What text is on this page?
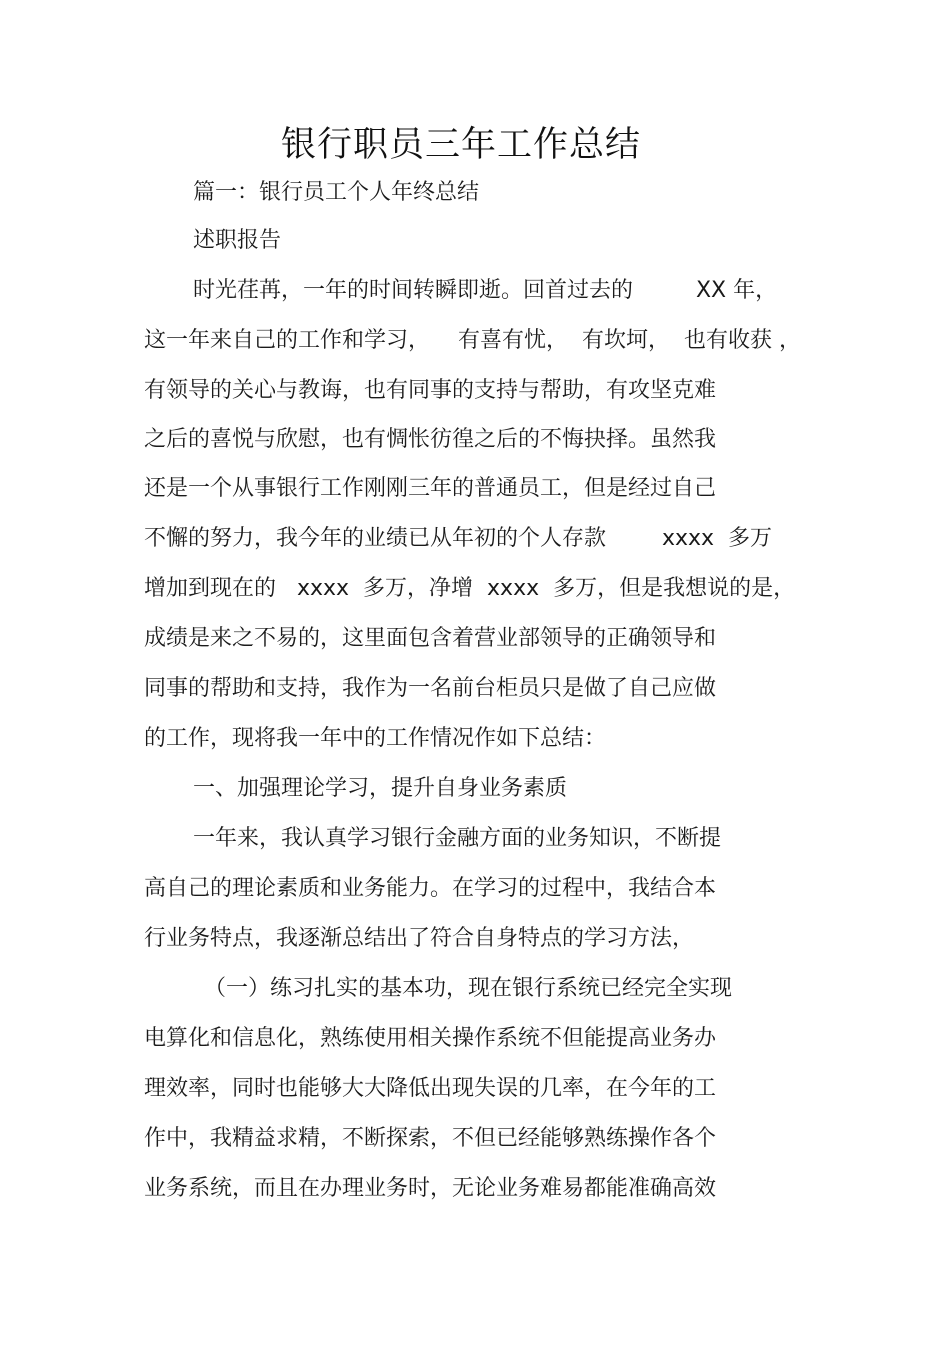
银行职员三年工作总结
篇一：银行员工个人年终总结
述职报告
时光荏苒，一年的时间转瞬即逝。回首过去的         XX 年，
这一年来自己的工作和学习，    有喜有忧，  有坎坷，  也有收获 ，
有领导的关心与教诲，也有同事的支持与帮助，有攻坚克难
之后的喜悦与欣慰，也有惆怅彷徨之后的不悔抉择。虽然我
还是一个从事银行工作刚刚三年的普通员工，但是经过自己
不懈的努力，我今年的业绩已从年初的个人存款        xxxx  多万
增加到现在的   xxxx  多万，净增  xxxx  多万，但是我想说的是，
成绩是来之不易的，这里面包含着营业部领导的正确领导和
同事的帮助和支持，我作为一名前台柜员只是做了自己应做
的工作，现将我一年中的工作情况作如下总结：
一、加强理论学习，提升自身业务素质
一年来，我认真学习银行金融方面的业务知识，不断提
高自己的理论素质和业务能力。在学习的过程中，我结合本
行业务特点，我逐渐总结出了符合自身特点的学习方法，
（一）练习扎实的基本功，现在银行系统已经完全实现
电算化和信息化，熟练使用相关操作系统不但能提高业务办
理效率，同时也能够大大降低出现失误的几率，在今年的工
作中，我精益求精，不断探索，不但已经能够熟练操作各个
业务系统，而且在办理业务时，无论业务难易都能准确高效
